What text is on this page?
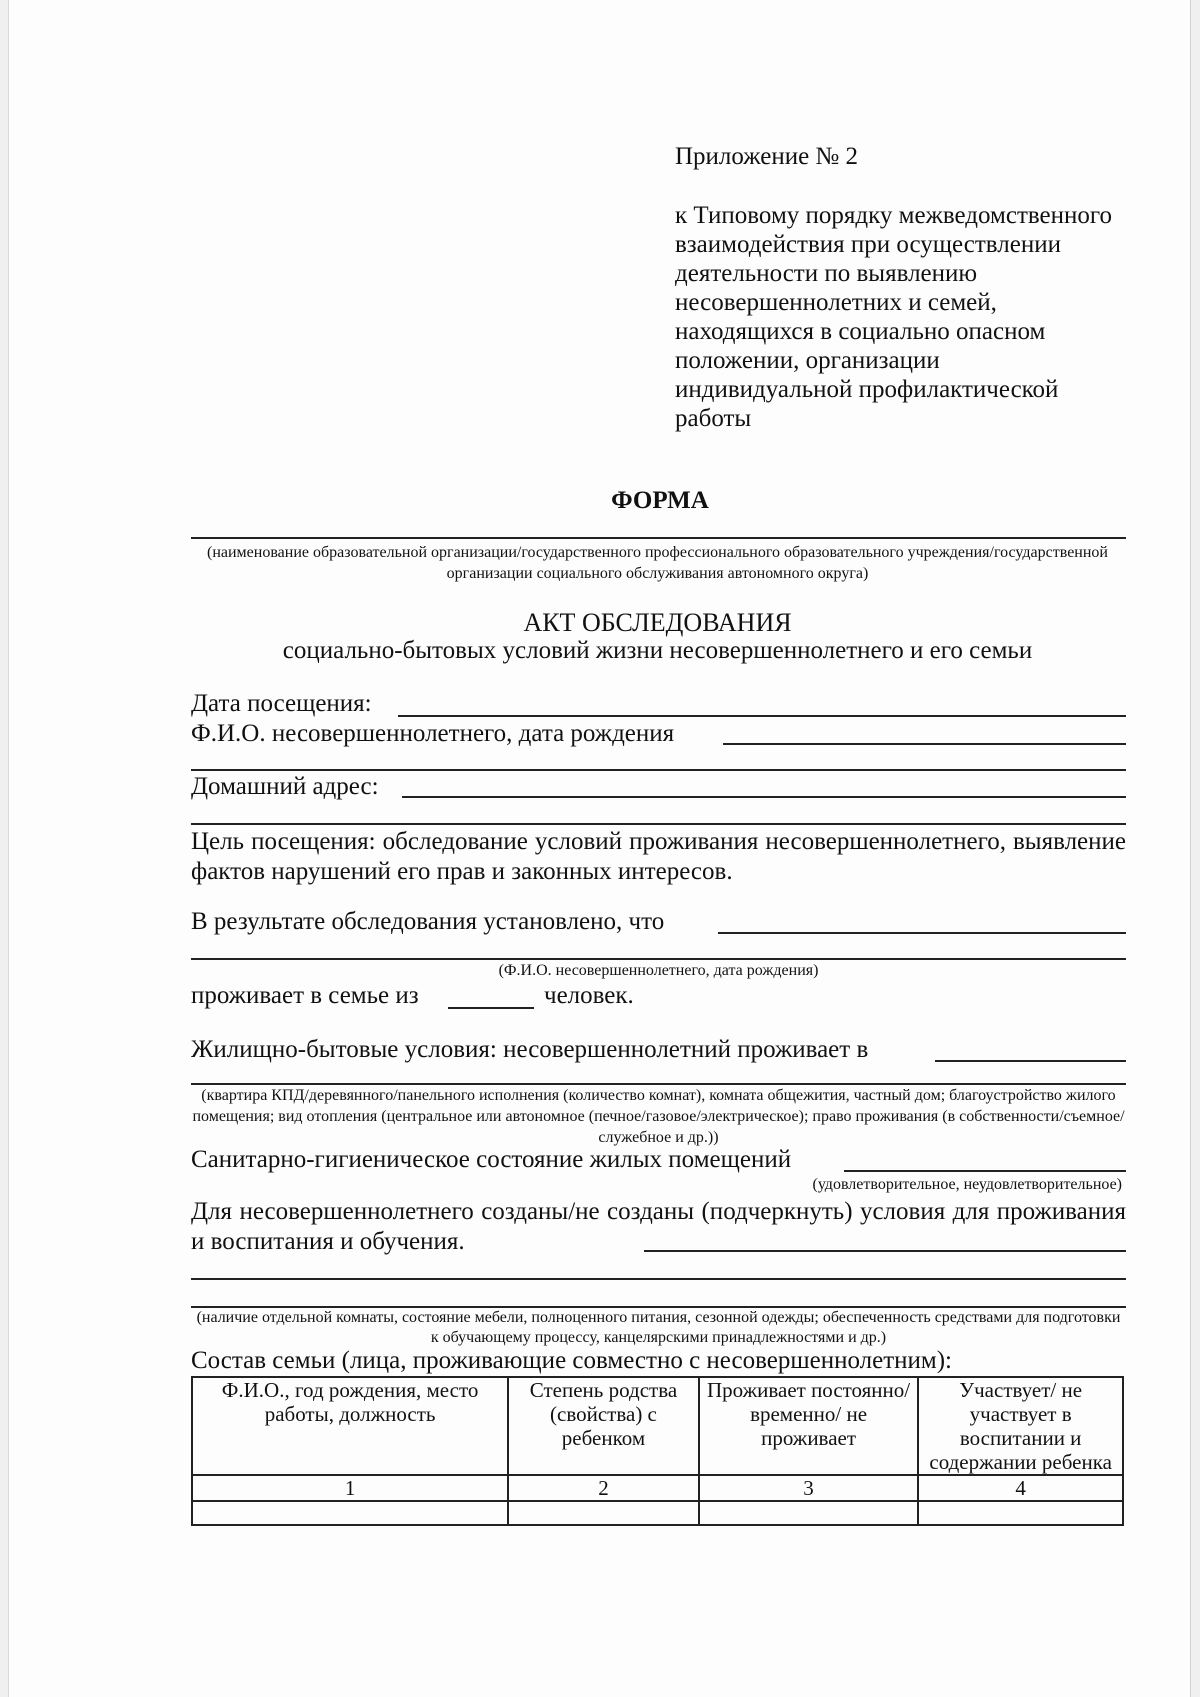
Приложение № 2
к Типовому порядку межведомственного взаимодействия при осуществлении деятельности по выявлению несовершеннолетних и семей, находящихся в социально опасном положении, организации индивидуальной профилактической работы
ФОРМА
(наименование образовательной организации/государственного профессионального образовательного учреждения/государственной организации социального обслуживания автономного округа)
АКТ ОБСЛЕДОВАНИЯ
социально-бытовых условий жизни несовершеннолетнего и его семьи
Дата посещения:
Ф.И.О. несовершеннолетнего, дата рождения
Домашний адрес:
Цель посещения: обследование условий проживания несовершеннолетнего, выявление фактов нарушений его прав и законных интересов.
В результате обследования установлено, что
(Ф.И.О. несовершеннолетнего, дата рождения)
проживает в семье из	человек.
Жилищно-бытовые условия: несовершеннолетний проживает в
(квартира КПД/деревянного/панельного исполнения (количество комнат), комната общежития, частный дом; благоустройство жилого помещения; вид отопления (центральное или автономное (печное/газовое/электрическое); право проживания (в собственности/съемное/служебное и др.))
Санитарно-гигиеническое состояние жилых помещений
(удовлетворительное, неудовлетворительное)
Для несовершеннолетнего созданы/не созданы (подчеркнуть) условия для проживания и воспитания и обучения.
(наличие отдельной комнаты, состояние мебели, полноценного питания, сезонной одежды; обеспеченность средствами для подготовки к обучающему процессу, канцелярскими принадлежностями и др.)
Состав семьи (лица, проживающие совместно с несовершеннолетним):
Ф.И.О., год рождения, место работы, должность	Степень родства (свойства) с ребенком	Проживает постоянно/временно/ не проживает	Участвует/ не участвует в воспитании и содержании ребенка
1	2	3	4
